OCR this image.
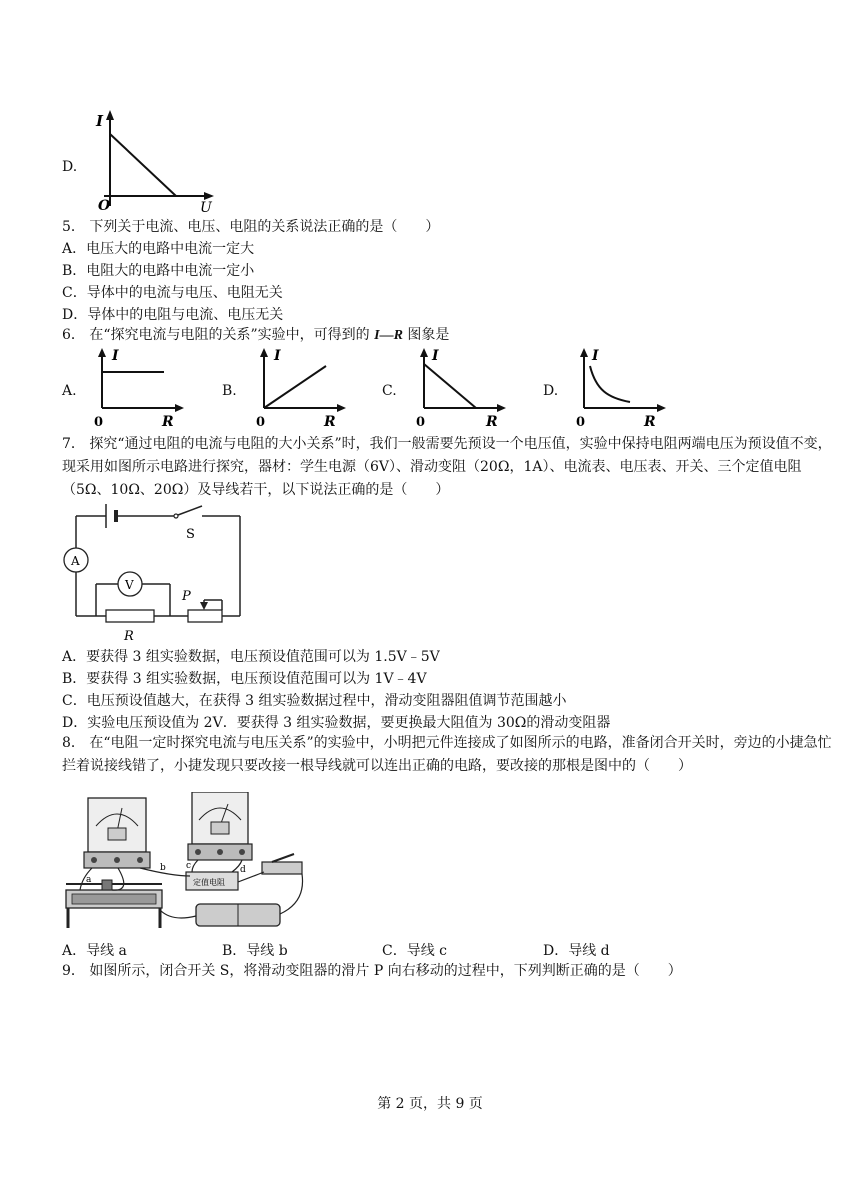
D.
I
O	U
5． 下列关于电流、电压、电阻的关系说法正确的是（　　）
A．电压大的电路中电流一定大
B．电阻大的电路中电流一定小
C．导体中的电流与电压、电阻无关
D．导体中的电阻与电流、电压无关
6． 在“探究电流与电阻的关系”实验中，可得到的 I—R 图象是
A.
I
0	R
B.
I
0	R
C.
I
0	R
D.
I
0	R
7． 探究“通过电阻的电流与电阻的大小关系”时，我们一般需要先预设一个电压值，实验中保持电阻两端电压为预设值不变，现采用如图所示电路进行探究，器材：学生电源（6V）、滑动变阻（20Ω，1A）、电流表、电压表、开关、三个定值电阻（5Ω、10Ω、20Ω）及导线若干，以下说法正确的是（　　）
S
A
R
P
V
A．要获得 3 组实验数据，电压预设值范围可以为 1.5V﹣5V
B．要获得 3 组实验数据，电压预设值范围可以为 1V﹣4V
C．电压预设值越大，在获得 3 组实验数据过程中，滑动变阻器阻值调节范围越小
D．实验电压预设值为 2V．要获得 3 组实验数据，要更换最大阻值为 30Ω的滑动变阻器
8． 在“电阻一定时探究电流与电压关系”的实验中，小明把元件连接成了如图所示的电路，准备闭合开关时，旁边的小捷急忙拦着说接线错了，小捷发现只要改接一根导线就可以连出正确的电路，要改接的那根是图中的（　　）
定值电阻
a
b c	d
A．导线 a	B．导线 b	C．导线 c	D．导线 d
9． 如图所示，闭合开关 S，将滑动变阻器的滑片 P 向右移动的过程中，下列判断正确的是（　　）
第 2 页，共 9 页
